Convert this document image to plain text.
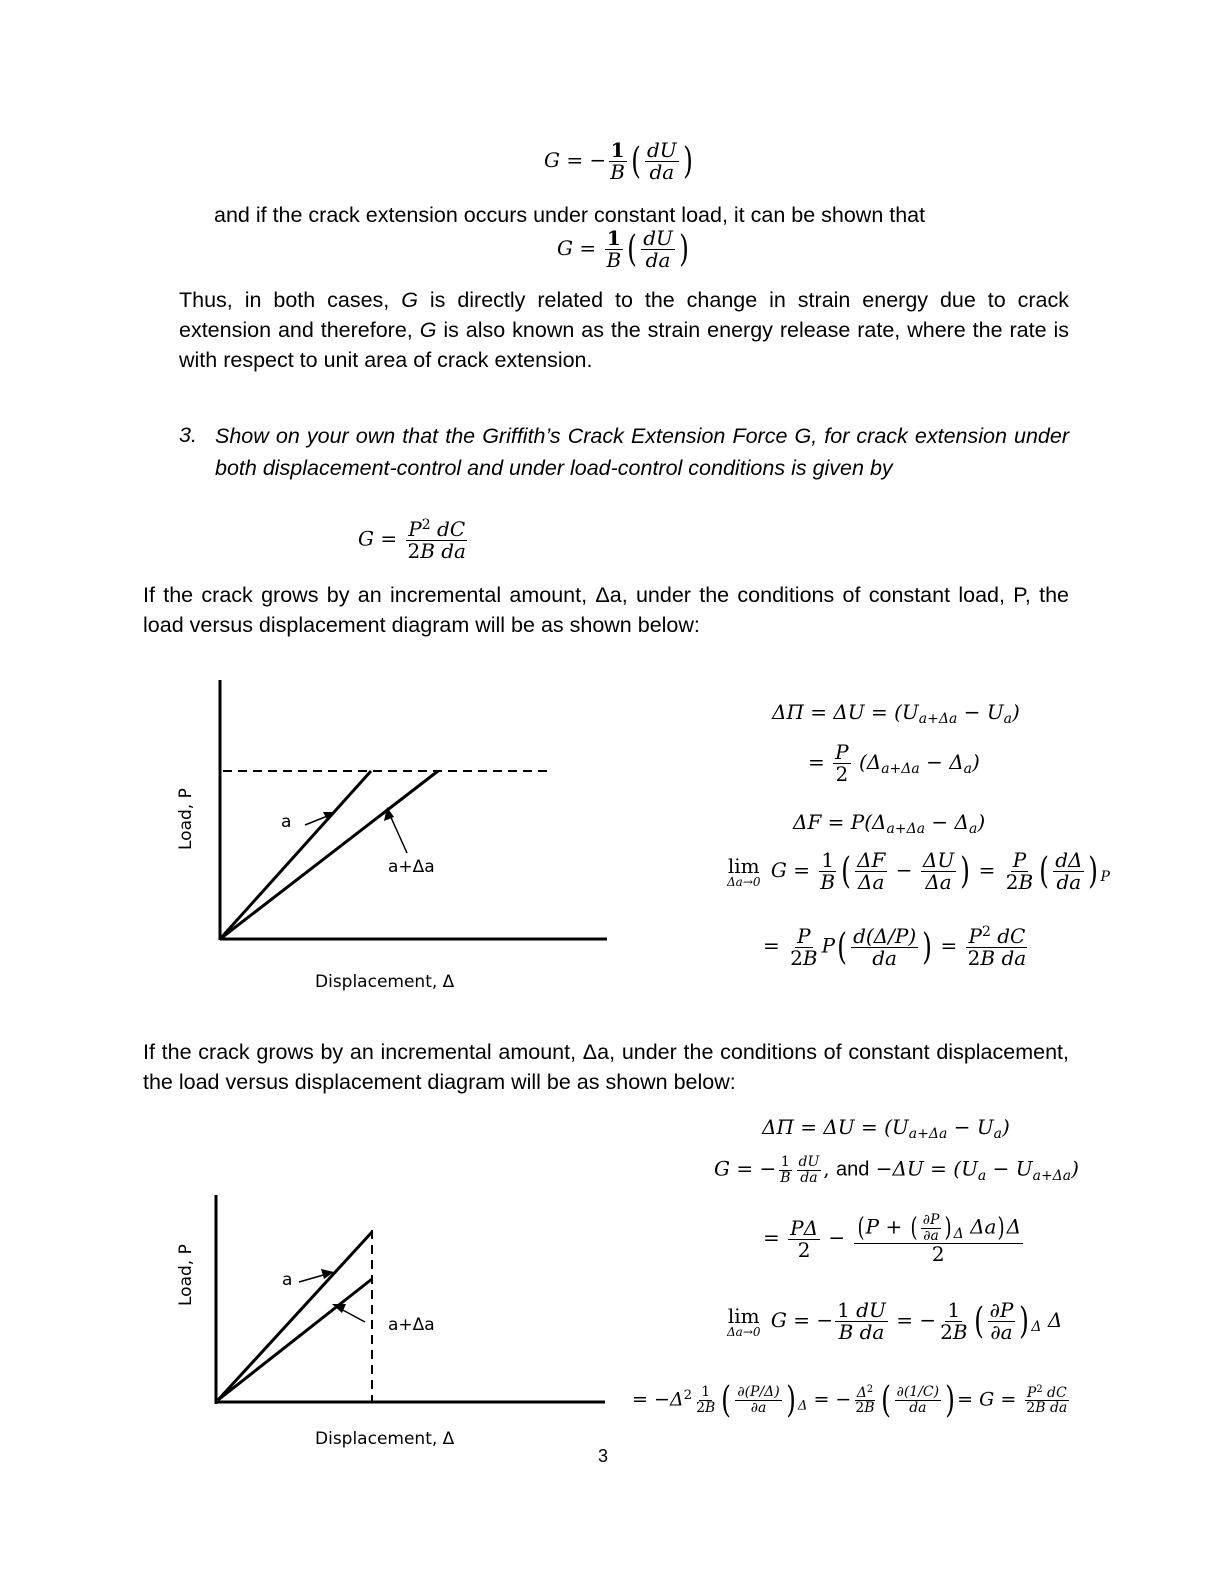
G = − $\frac{1}{B}$ ( $\frac{dU}{da}$ )
and if the crack extension occurs under constant load, it can be shown that
$G = \frac{1}{B}$ ( $\frac{dU}{da}$ )
Thus, in both cases, G is directly related to the change in strain energy due to crack extension and therefore, G is also known as the strain energy release rate, where the rate is with respect to unit area of crack extension.
3. Show on your own that the Griffith’s Crack Extension Force G, for crack extension under both displacement-control and under load-control conditions is given by
$G = \frac{P^2 dC}{\text{2B da}}$
If the crack grows by an incremental amount, Δa, under the conditions of constant load, P, the load versus displacement diagram will be as shown below:
Load, P	a
a+Δa
Displacement, Δ
$\Delta\Pi = \Delta U = (U_{a+\Delta a} - U_a)$
= $\frac{P}{2} (\Delta_{a+\Delta a} - \Delta_a)$
$\Delta F = P(\Delta_{a+\Delta a} - \Delta_a)$
lim
Δa→0 $G = \frac{1}{B}$ ( $\frac{\Delta F}{\Delta a} - \frac{\Delta U}{\Delta a}$ ) = $\frac{P}{2B}$ ( $\frac{d\Delta}{da}$ ) $_P$
= $\frac{P}{2B} P( \frac{d(\Delta/P)}{da}$ ) = $\frac{P^2 dC}{\text{2B da}}$
If the crack grows by an incremental amount, Δa, under the conditions of constant displacement, the load versus displacement diagram will be as shown below:
$\Delta\Pi = \Delta U = (U_{a+\Delta a} - U_a)$
G = − $\frac{1}{B} \frac{dU}{da}$ , and $-\Delta U = (U_a - U_{a+\Delta a})$
= $\frac{P\Delta}{2} - \frac{(P + ( \frac{\partial P}{\partial a} ) _\Delta \Delta a)\Delta}{2}$
lim
Δa→0 G = − $\frac{1 dU}{\text{B da}}$ = − $\frac{1}{2B}$ ( $\frac{\partial P}{\partial a}$ ) $_\Delta$ Δ
= $-\Delta^2 \frac{1}{2B}$ ( $\frac{\partial(P/\Delta)}{\partial a}$ ) $_\Delta$ = − $\frac{\Delta^2}{2B}$ ( $\frac{\partial(1/C)}{da}$ ) = $G = \frac{P^2 dC}{\text{2B da}}$
Load, P	a
a+Δa
Displacement, Δ
3
